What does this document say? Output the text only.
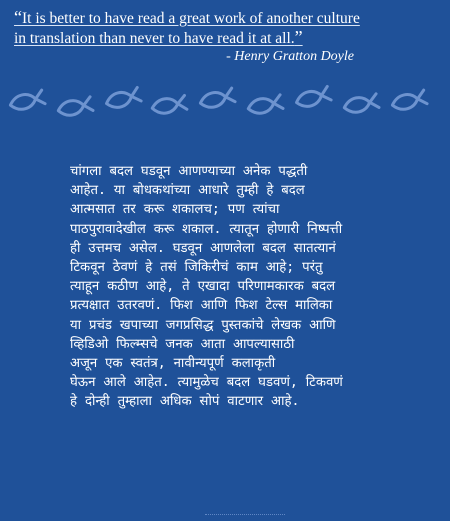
“It is better to have read a great work of another culture
in translation than never to have read it at all.”
- Henry Gratton Doyle
चांगला बदल घडवून आणण्याच्या अनेक पद्धती
आहेत. या बोधकथांच्या आधारे तुम्ही हे बदल
आत्मसात तर करू शकालच; पण त्यांचा
पाठपुरावादेखील करू शकाल. त्यातून होणारी निष्पत्ती
ही उत्तमच असेल. घडवून आणलेला बदल सातत्यानं
टिकवून ठेवणं हे तसं जिकिरीचं काम आहे; परंतु
त्याहून कठीण आहे, ते एखादा परिणामकारक बदल
प्रत्यक्षात उतरवणं. फिश आणि फिश टेल्स मालिका
या प्रचंड खपाच्या जगप्रसिद्ध पुस्तकांचे लेखक आणि
व्हिडिओ फिल्म्सचे जनक आता आपल्यासाठी
अजून एक स्वतंत्र, नावीन्यपूर्ण कलाकृती
घेऊन आले आहेत. त्यामुळेच बदल घडवणं, टिकवणं
हे दोन्ही तुम्हाला अधिक सोपं वाटणार आहे.
